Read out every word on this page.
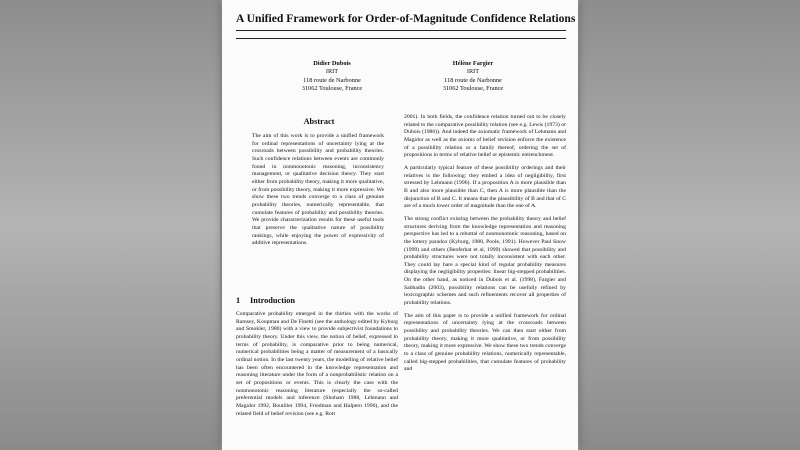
A Unified Framework for Order-of-Magnitude Confidence Relations
Didier Dubois
IRIT
118 route de Narbonne
31062 Toulouse, France
Hélène Fargier
IRIT
118 route de Narbonne
31062 Toulouse, France
Abstract
The aim of this work is to provide a unified framework for ordinal representations of uncertainty lying at the crosroads between possibility and probability theories. Such confidence relations between events are commonly found in nonmonotonic reasoning, inconsistency management, or qualitative decision theory. They start either from probability theory, making it more qualitative, or from possibility theory, making it more expressive. We show these two trends converge to a class of genuine probability theories, numerically representable, that cumulate features of probability and possibility theories. We provide characterization results for these useful tools that preserve the qualitative nature of possibility rankings, while enjoying the power of expressivity of additive representations.
1 Introduction

Comparative probability emerged in the thirties with the works of Ramsey, Koopman and De Finetti (see the anthology edited by Kyburg and Smokler, 1980) with a view to provide subjectivist foundations to probability theory. Under this view, the notion of belief, expressed in terms of probability, is comparative prior to being numerical, numerical probabilities being a matter of measurement of a basically ordinal notion. In the last twenty years, the modelling of relative belief has been often encountered in the knowledge representation and reasoning literature under the form of a nonprobabilistic relation on a set of propositions or events. This is clearly the case with the nonmonotonic reasoning literature (especially the so-called preferential models and inference (Shoham 1988, Lehmann and Magidor 1992, Boutilier 1994, Friedman and Halpern 1996), and the related field of belief revision (see e.g. Rott

2001). In both fields, the confidence relation turned out to be closely related to the comparative possibility relation (see e.g. Lewis (1973) or Dubois (1986)). And indeed the axiomatic framework of Lehmann and Magidor as well as the axioms of belief revision enforce the existence of a possibility relation or a family thereof, ordering the set of propositions in terms of relative belief or epistemic entrenchment.

A particularly typical feature of these possibility orderings and their relatives is the following: they embed a idea of negligibility, first stressed by Lehmann (1996). If a proposition A is more plausible than B and also more plausible than C, then A is more plausible than the disjunction of B and C. It means that the plausibility of B and that of C are of a much lower order of magnitude than the one of A.

The strong conflict existing between the probability theory and belief structures deriving from the knowledge representation and reasoning perspective has led to a rebuttal of nonmonotonic reasoning, based on the lottery paradox (Kyburg, 1988, Poole, 1991). However Paul Snow (1999) and others (Benferhat et al, 1999) showed that possibility and probability structures were not totally inconsistent with each other. They could lay bare a special kind of regular probability measures displaying the negligibility properties: linear big-stepped probabilities. On the other hand, as noticed in Dubois et al. (1998), Fargier and Sabbadin (2003), possibility relations can be usefully refined by lexicographic schemes and such refinements recover all properties of probability relations.

The aim of this paper is to provide a unified framework for ordinal representations of uncertainty lying at the crossroads between possibility and probability theories. We can then start either from probability theory, making it more qualitative, or from possibility theory, making it more expressive. We show these two trends converge to a class of genuine probability relations, numerically representable, called big-stepped probabilities, that cumulate features of probability and
